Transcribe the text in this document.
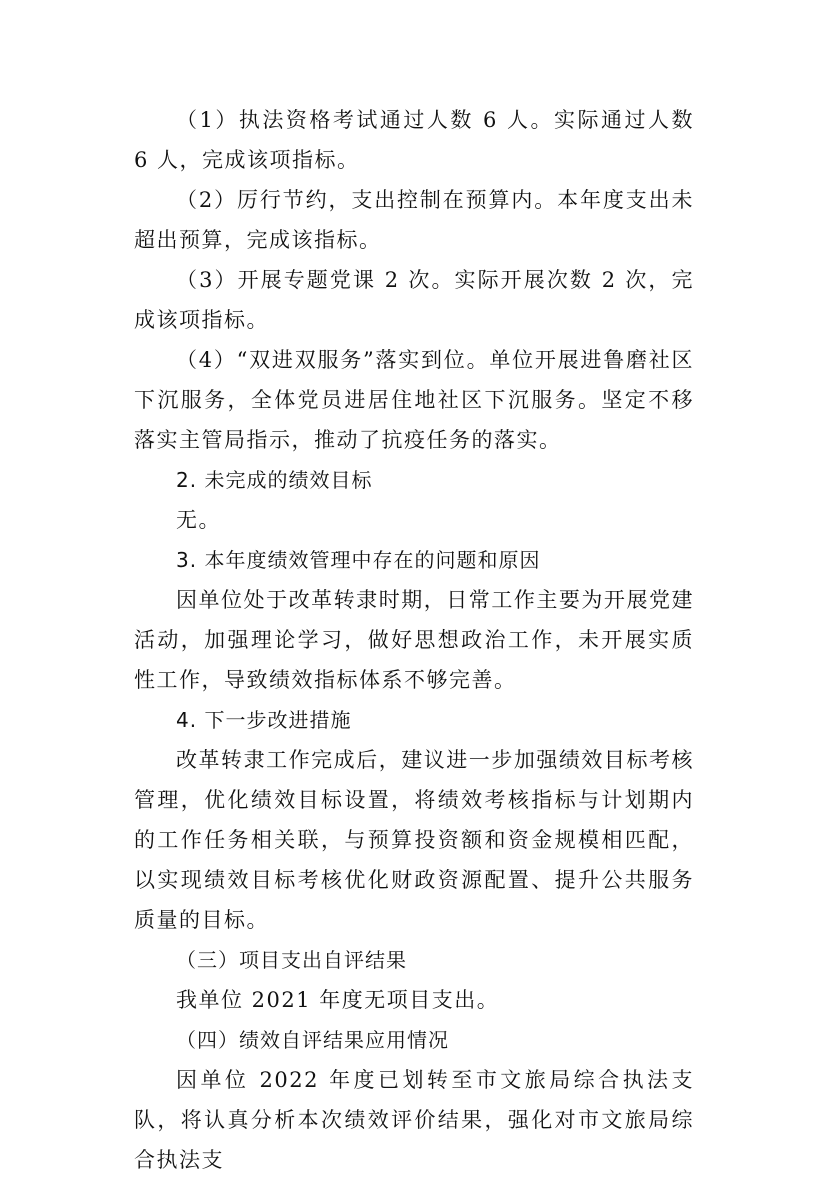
（1）执法资格考试通过人数 6 人。实际通过人数 6 人，完成该项指标。

（2）厉行节约，支出控制在预算内。本年度支出未超出预算，完成该指标。

（3）开展专题党课 2 次。实际开展次数 2 次，完成该项指标。

（4）“双进双服务”落实到位。单位开展进鲁磨社区下沉服务，全体党员进居住地社区下沉服务。坚定不移落实主管局指示，推动了抗疫任务的落实。

2. 未完成的绩效目标

无。

3. 本年度绩效管理中存在的问题和原因

因单位处于改革转隶时期，日常工作主要为开展党建活动，加强理论学习，做好思想政治工作，未开展实质性工作，导致绩效指标体系不够完善。

4. 下一步改进措施

改革转隶工作完成后，建议进一步加强绩效目标考核管理，优化绩效目标设置，将绩效考核指标与计划期内的工作任务相关联，与预算投资额和资金规模相匹配，以实现绩效目标考核优化财政资源配置、提升公共服务质量的目标。

（三）项目支出自评结果

我单位 2021 年度无项目支出。

（四）绩效自评结果应用情况

因单位 2022 年度已划转至市文旅局综合执法支队，将认真分析本次绩效评价结果，强化对市文旅局综合执法支
